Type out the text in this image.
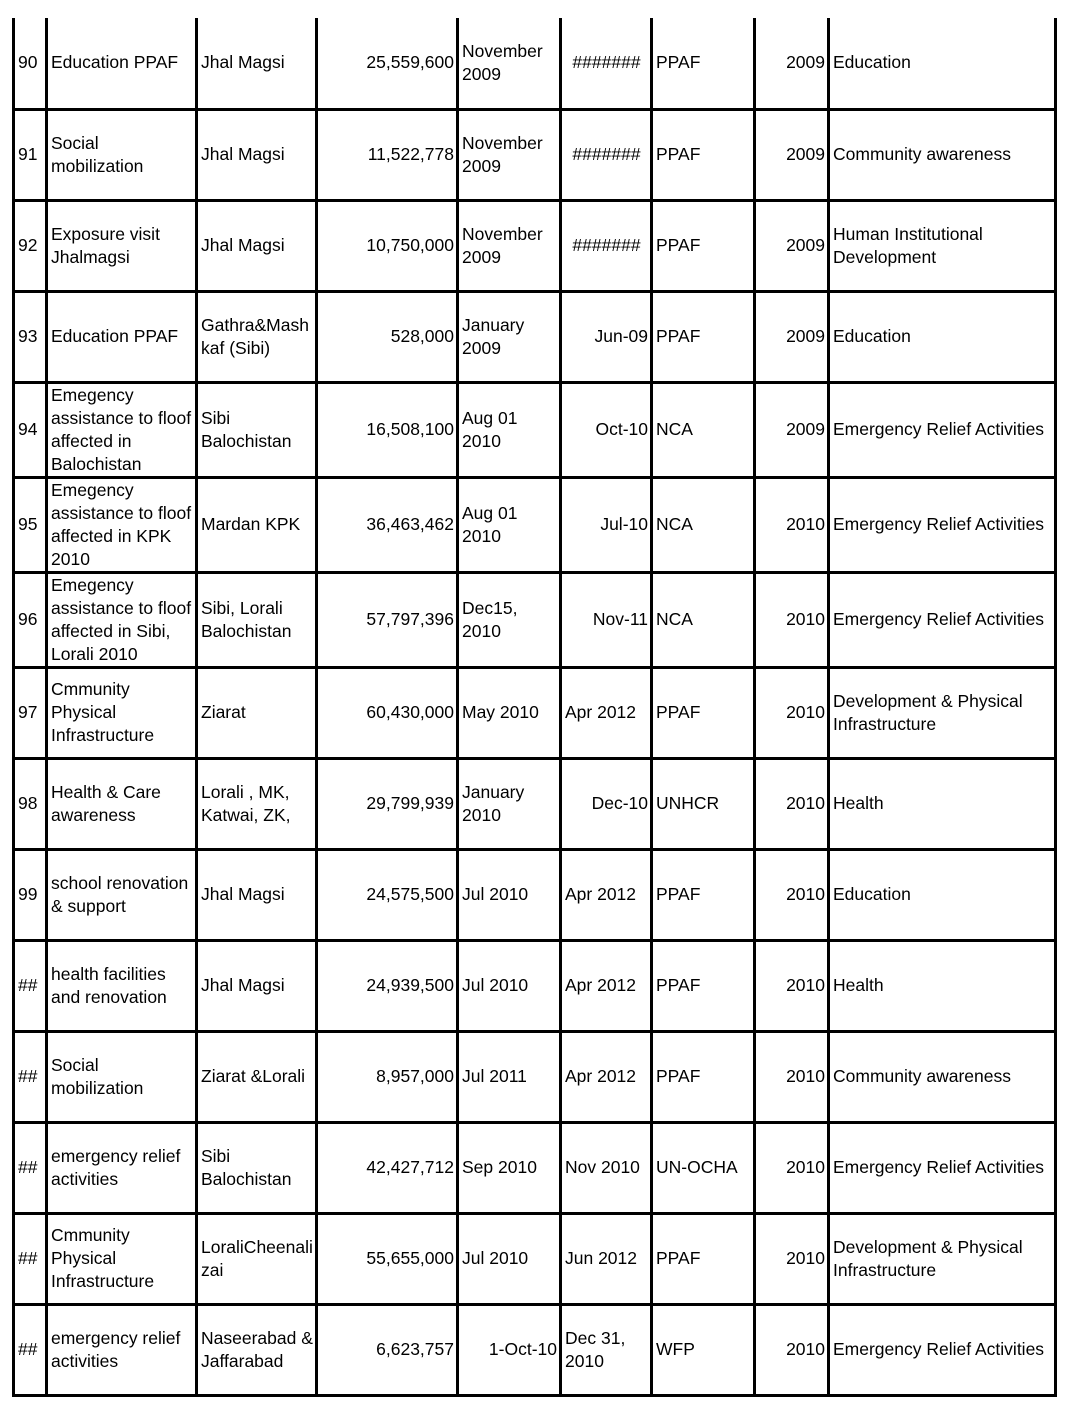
90	Education PPAF	Jhal Magsi	25,559,600	November 2009	#######	PPAF	2009	Education
91	Social mobilization	Jhal Magsi	11,522,778	November 2009	#######	PPAF	2009	Community awareness
92	Exposure visit Jhalmagsi	Jhal Magsi	10,750,000	November 2009	#######	PPAF	2009	Human Institutional Development
93	Education PPAF	Gathra&Mashkaf (Sibi)	528,000	January 2009	Jun-09	PPAF	2009	Education
94	Emegency assistance to floof affected in Balochistan	Sibi Balochistan	16,508,100	Aug 01 2010	Oct-10	NCA	2009	Emergency Relief Activities
95	Emegency assistance to floof affected in KPK 2010	Mardan KPK	36,463,462	Aug 01 2010	Jul-10	NCA	2010	Emergency Relief Activities
96	Emegency assistance to floof affected in Sibi, Lorali 2010	Sibi, Lorali Balochistan	57,797,396	Dec15, 2010	Nov-11	NCA	2010	Emergency Relief Activities
97	Cmmunity Physical Infrastructure	Ziarat	60,430,000	May 2010	Apr 2012	PPAF	2010	Development & Physical Infrastructure
98	Health & Care awareness	Lorali , MK, Katwai, ZK,	29,799,939	January 2010	Dec-10	UNHCR	2010	Health
99	school renovation & support	Jhal Magsi	24,575,500	Jul 2010	Apr 2012	PPAF	2010	Education
##	health facilities and renovation	Jhal Magsi	24,939,500	Jul 2010	Apr 2012	PPAF	2010	Health
##	Social mobilization	Ziarat &Lorali	8,957,000	Jul 2011	Apr 2012	PPAF	2010	Community awareness
##	emergency relief activities	Sibi Balochistan	42,427,712	Sep 2010	Nov 2010	UN-OCHA	2010	Emergency Relief Activities
##	Cmmunity Physical Infrastructure	LoraliCheenalizai	55,655,000	Jul 2010	Jun 2012	PPAF	2010	Development & Physical Infrastructure
##	emergency relief activities	Naseerabad & Jaffarabad	6,623,757	1-Oct-10	Dec 31, 2010	WFP	2010	Emergency Relief Activities
